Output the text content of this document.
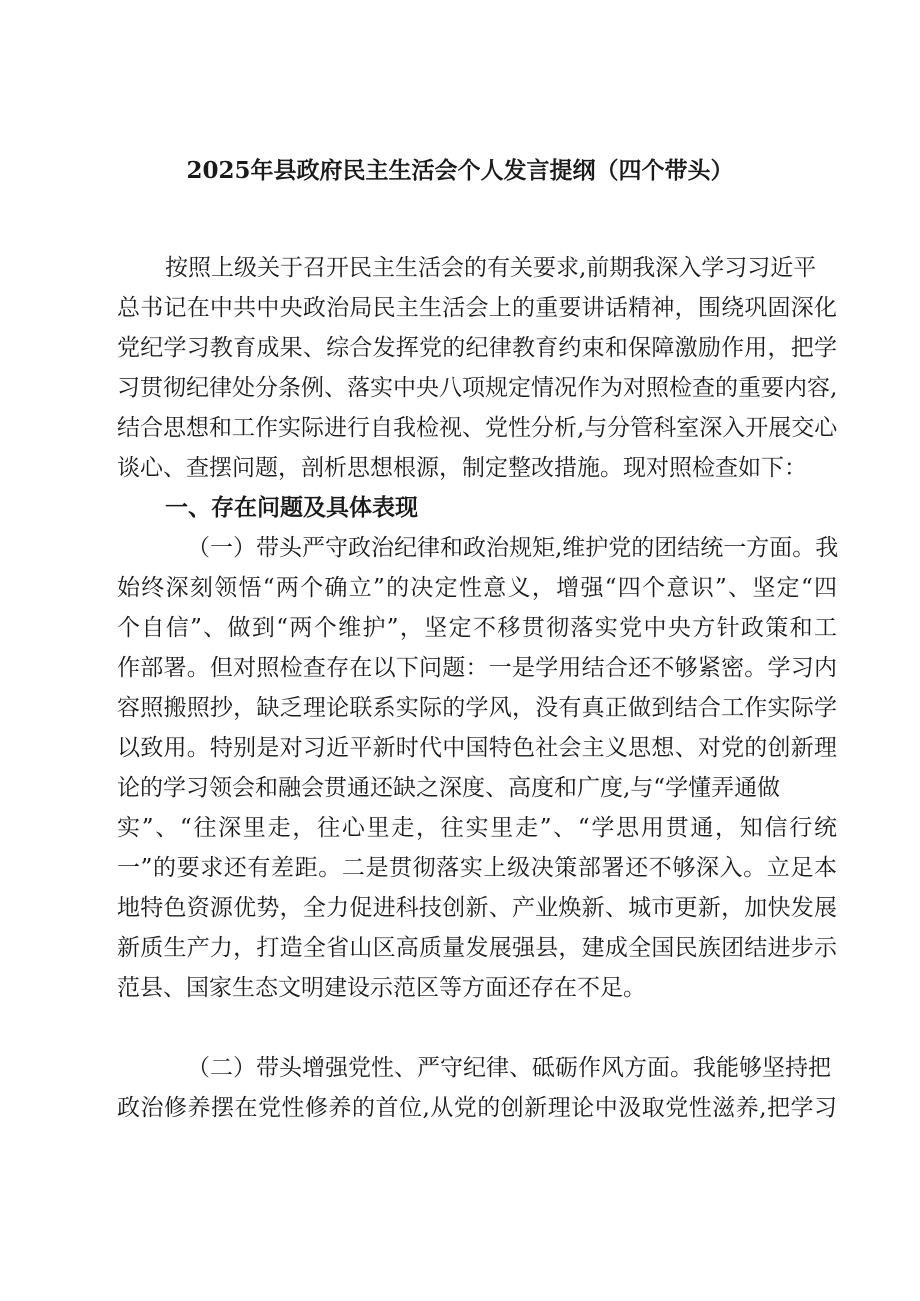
2025年县政府民主生活会个人发言提纲（四个带头）
按照上级关于召开民主生活会的有关要求,前期我深入学习习近平
总书记在中共中央政治局民主生活会上的重要讲话精神，围绕巩固深化
党纪学习教育成果、综合发挥党的纪律教育约束和保障激励作用，把学
习贯彻纪律处分条例、落实中央八项规定情况作为对照检查的重要内容,
结合思想和工作实际进行自我检视、党性分析,与分管科室深入开展交心
谈心、查摆问题，剖析思想根源，制定整改措施。现对照检查如下：
一、存在问题及具体表现
（一）带头严守政治纪律和政治规矩,维护党的团结统一方面。我
始终深刻领悟“两个确立”的决定性意义，增强“四个意识”、坚定“四
个自信”、做到“两个维护”，坚定不移贯彻落实党中央方针政策和工
作部署。但对照检查存在以下问题：一是学用结合还不够紧密。学习内
容照搬照抄，缺乏理论联系实际的学风，没有真正做到结合工作实际学
以致用。特别是对习近平新时代中国特色社会主义思想、对党的创新理
论的学习领会和融会贯通还缺之深度、高度和广度,与“学懂弄通做
实”、“往深里走，往心里走，往实里走”、“学思用贯通，知信行统
一”的要求还有差距。二是贯彻落实上级决策部署还不够深入。立足本
地特色资源优势，全力促进科技创新、产业焕新、城市更新，加快发展
新质生产力，打造全省山区高质量发展强县，建成全国民族团结进步示
范县、国家生态文明建设示范区等方面还存在不足。
（二）带头增强党性、严守纪律、砥砺作风方面。我能够坚持把
政治修养摆在党性修养的首位,从党的创新理论中汲取党性滋养,把学习
